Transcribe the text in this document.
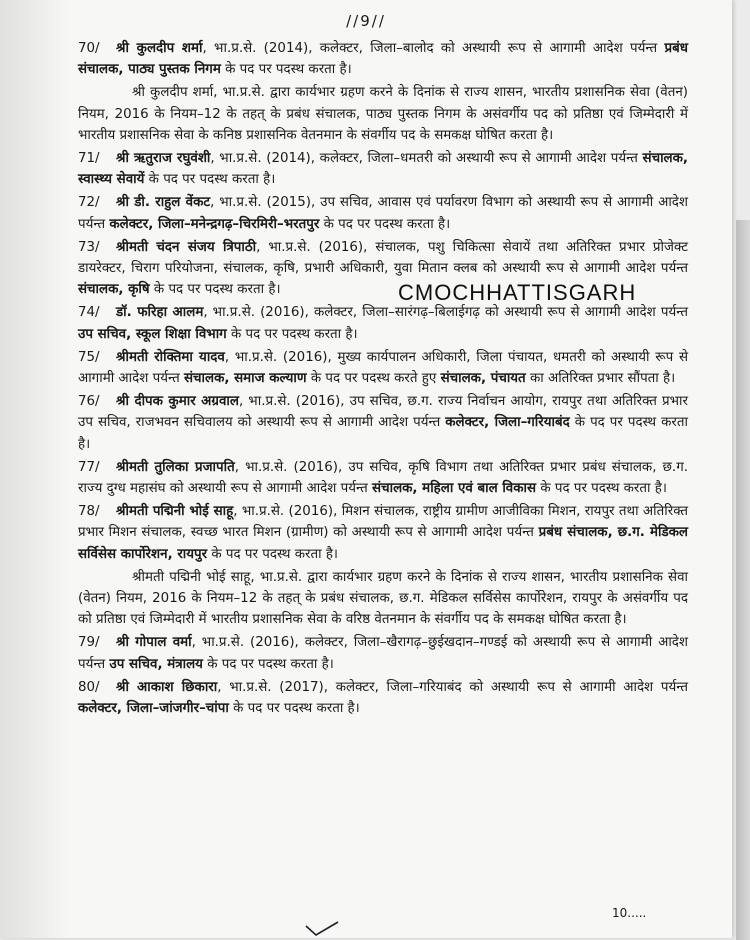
//9//
70/ श्री कुलदीप शर्मा, भा.प्र.से. (2014), कलेक्टर, जिला–बालोद को अस्थायी रूप से आगामी आदेश पर्यन्त प्रबंध संचालक, पाठ्य पुस्तक निगम के पद पर पदस्थ करता है।
श्री कुलदीप शर्मा, भा.प्र.से. द्वारा कार्यभार ग्रहण करने के दिनांक से राज्य शासन, भारतीय प्रशासनिक सेवा (वेतन) नियम, 2016 के नियम–12 के तहत् के प्रबंध संचालक, पाठ्य पुस्तक निगम के असंवर्गीय पद को प्रतिष्ठा एवं जिम्मेदारी में भारतीय प्रशासनिक सेवा के कनिष्ठ प्रशासनिक वेतनमान के संवर्गीय पद के समकक्ष घोषित करता है।
71/ श्री ऋतुराज रघुवंशी, भा.प्र.से. (2014), कलेक्टर, जिला–धमतरी को अस्थायी रूप से आगामी आदेश पर्यन्त संचालक, स्वास्थ्य सेवायें के पद पर पदस्थ करता है।
72/ श्री डी. राहुल वेंकट, भा.प्र.से. (2015), उप सचिव, आवास एवं पर्यावरण विभाग को अस्थायी रूप से आगामी आदेश पर्यन्त कलेक्टर, जिला–मनेन्द्रगढ़–चिरमिरी–भरतपुर के पद पर पदस्थ करता है।
73/ श्रीमती चंदन संजय त्रिपाठी, भा.प्र.से. (2016), संचालक, पशु चिकित्सा सेवायें तथा अतिरिक्त प्रभार प्रोजेक्ट डायरेक्टर, चिराग परियोजना, संचालक, कृषि, प्रभारी अधिकारी, युवा मितान क्लब को अस्थायी रूप से आगामी आदेश पर्यन्त संचालक, कृषि के पद पर पदस्थ करता है।
74/ डॉ. फरिहा आलम, भा.प्र.से. (2016), कलेक्टर, जिला–सारंगढ़–बिलाईगढ़ को अस्थायी रूप से आगामी आदेश पर्यन्त उप सचिव, स्कूल शिक्षा विभाग के पद पर पदस्थ करता है।
75/ श्रीमती रोक्तिमा यादव, भा.प्र.से. (2016), मुख्य कार्यपालन अधिकारी, जिला पंचायत, धमतरी को अस्थायी रूप से आगामी आदेश पर्यन्त संचालक, समाज कल्याण के पद पर पदस्थ करते हुए संचालक, पंचायत का अतिरिक्त प्रभार सौंपता है।
76/ श्री दीपक कुमार अग्रवाल, भा.प्र.से. (2016), उप सचिव, छ.ग. राज्य निर्वाचन आयोग, रायपुर तथा अतिरिक्त प्रभार उप सचिव, राजभवन सचिवालय को अस्थायी रूप से आगामी आदेश पर्यन्त कलेक्टर, जिला–गरियाबंद के पद पर पदस्थ करता है।
77/ श्रीमती तुलिका प्रजापति, भा.प्र.से. (2016), उप सचिव, कृषि विभाग तथा अतिरिक्त प्रभार प्रबंध संचालक, छ.ग. राज्य दुग्ध महासंघ को अस्थायी रूप से आगामी आदेश पर्यन्त संचालक, महिला एवं बाल विकास के पद पर पदस्थ करता है।
78/ श्रीमती पद्मिनी भोई साहू, भा.प्र.से. (2016), मिशन संचालक, राष्ट्रीय ग्रामीण आजीविका मिशन, रायपुर तथा अतिरिक्त प्रभार मिशन संचालक, स्वच्छ भारत मिशन (ग्रामीण) को अस्थायी रूप से आगामी आदेश पर्यन्त प्रबंध संचालक, छ.ग. मेडिकल सर्विसेस कार्पोरेशन, रायपुर के पद पर पदस्थ करता है।
श्रीमती पद्मिनी भोई साहू, भा.प्र.से. द्वारा कार्यभार ग्रहण करने के दिनांक से राज्य शासन, भारतीय प्रशासनिक सेवा (वेतन) नियम, 2016 के नियम–12 के तहत् के प्रबंध संचालक, छ.ग. मेडिकल सर्विसेस कार्पोरेशन, रायपुर के असंवर्गीय पद को प्रतिष्ठा एवं जिम्मेदारी में भारतीय प्रशासनिक सेवा के वरिष्ठ वेतनमान के संवर्गीय पद के समकक्ष घोषित करता है।
79/ श्री गोपाल वर्मा, भा.प्र.से. (2016), कलेक्टर, जिला–खैरागढ़–छुईखदान–गण्डई को अस्थायी रूप से आगामी आदेश पर्यन्त उप सचिव, मंत्रालय के पद पर पदस्थ करता है।
80/ श्री आकाश छिकारा, भा.प्र.से. (2017), कलेक्टर, जिला–गरियाबंद को अस्थायी रूप से आगामी आदेश पर्यन्त कलेक्टर, जिला–जांजगीर–चांपा के पद पर पदस्थ करता है।
CMOCHHATTISGARH
10.....
